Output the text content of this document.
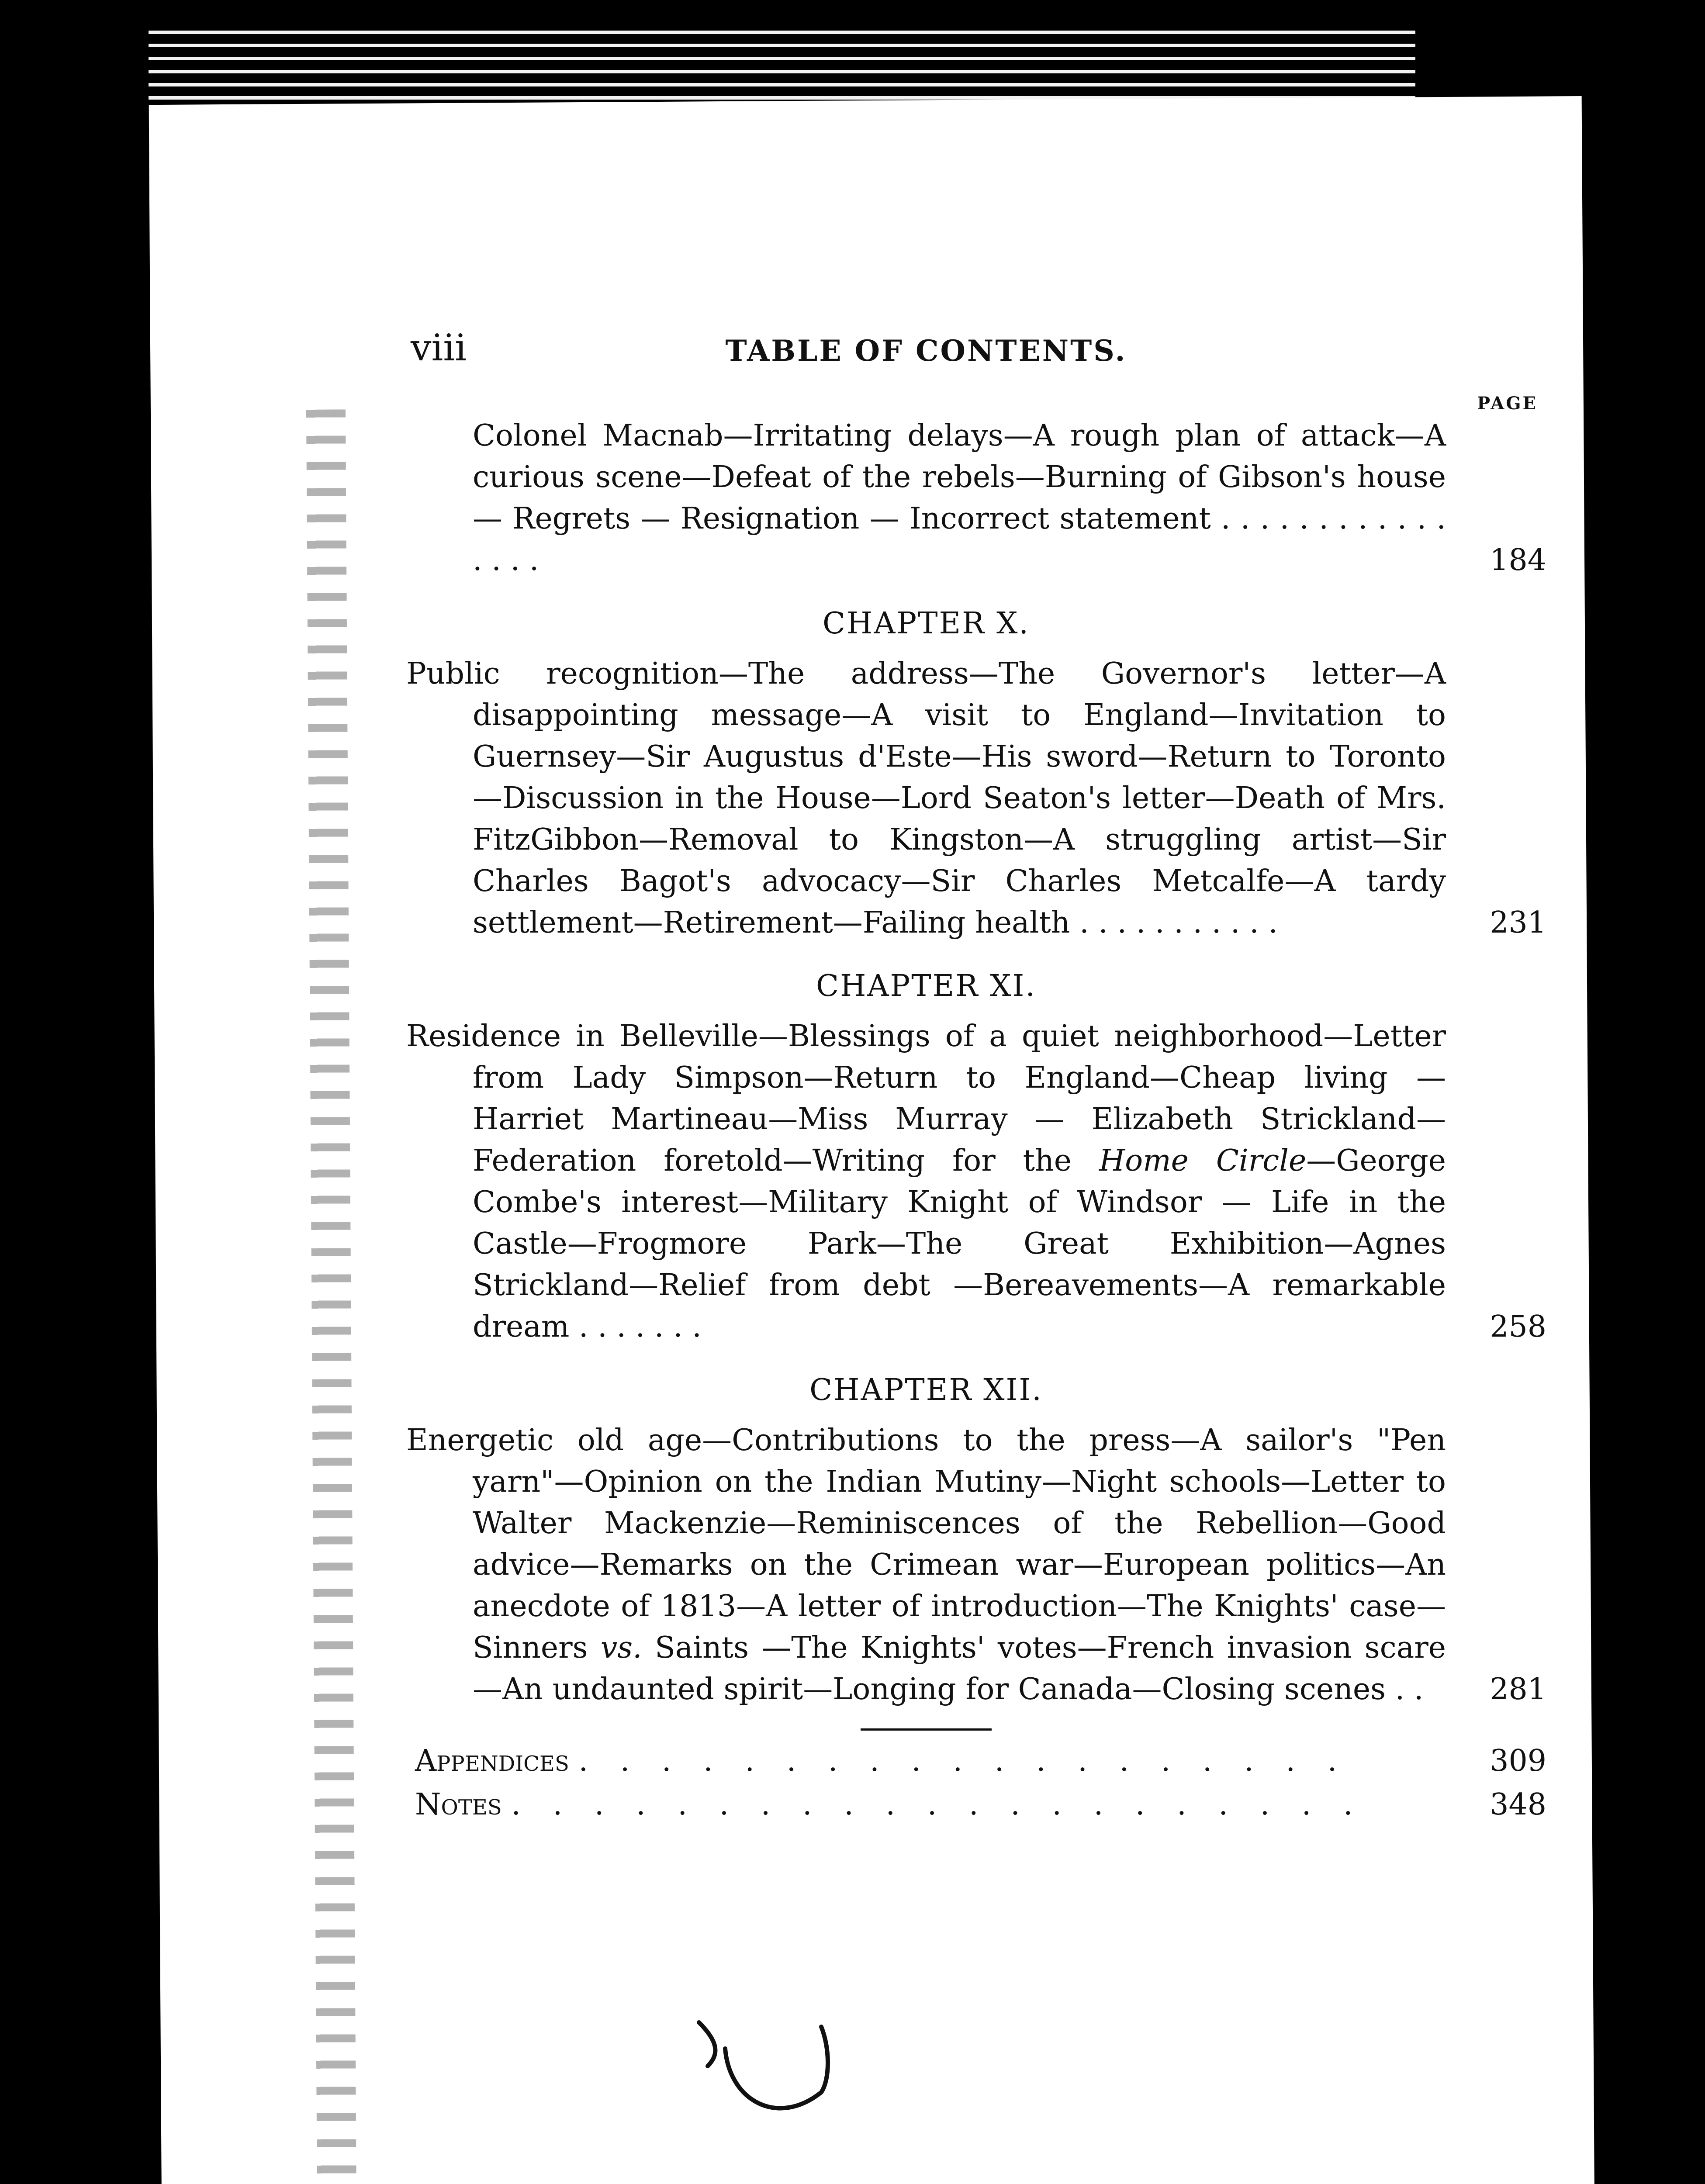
viii	TABLE OF CONTENTS.
PAGE
Colonel Macnab—Irritating delays—A rough plan of attack—A curious scene—Defeat of the rebels—Burning of Gibson's house — Regrets — Resignation — Incorrect statement . . . . . . . . . . . . . . . .	184
CHAPTER X.
Public recognition—The address—The Governor's letter—A disappointing message—A visit to England—Invitation to Guernsey—Sir Augustus d'Este—His sword—Return to Toronto—Discussion in the House—Lord Seaton's letter—Death of Mrs. FitzGibbon—Removal to Kingston—A struggling artist—Sir Charles Bagot's advocacy—Sir Charles Metcalfe—A tardy settlement—Retirement—Failing health . . . . . . . . . . .	231
CHAPTER XI.
Residence in Belleville—Blessings of a quiet neighborhood—Letter from Lady Simpson—Return to England—Cheap living — Harriet Martineau—Miss Murray — Elizabeth Strickland—Federation foretold—Writing for the Home Circle—George Combe's interest—Military Knight of Windsor — Life in the Castle—Frogmore Park—The Great Exhibition—Agnes Strickland—Relief from debt —Bereavements—A remarkable dream . . . . . . .	258
CHAPTER XII.
Energetic old age—Contributions to the press—A sailor's "Pen yarn"—Opinion on the Indian Mutiny—Night schools—Letter to Walter Mackenzie—Reminiscences of the Rebellion—Good advice—Remarks on the Crimean war—European politics—An anecdote of 1813—A letter of introduction—The Knights' case—Sinners vs. Saints —The Knights' votes—French invasion scare—An undaunted spirit—Longing for Canada—Closing scenes . .	281
Appendices . . . . . . . . . . . . . . . . . . .	309
Notes . . . . . . . . . . . . . . . . . . . . .	348
